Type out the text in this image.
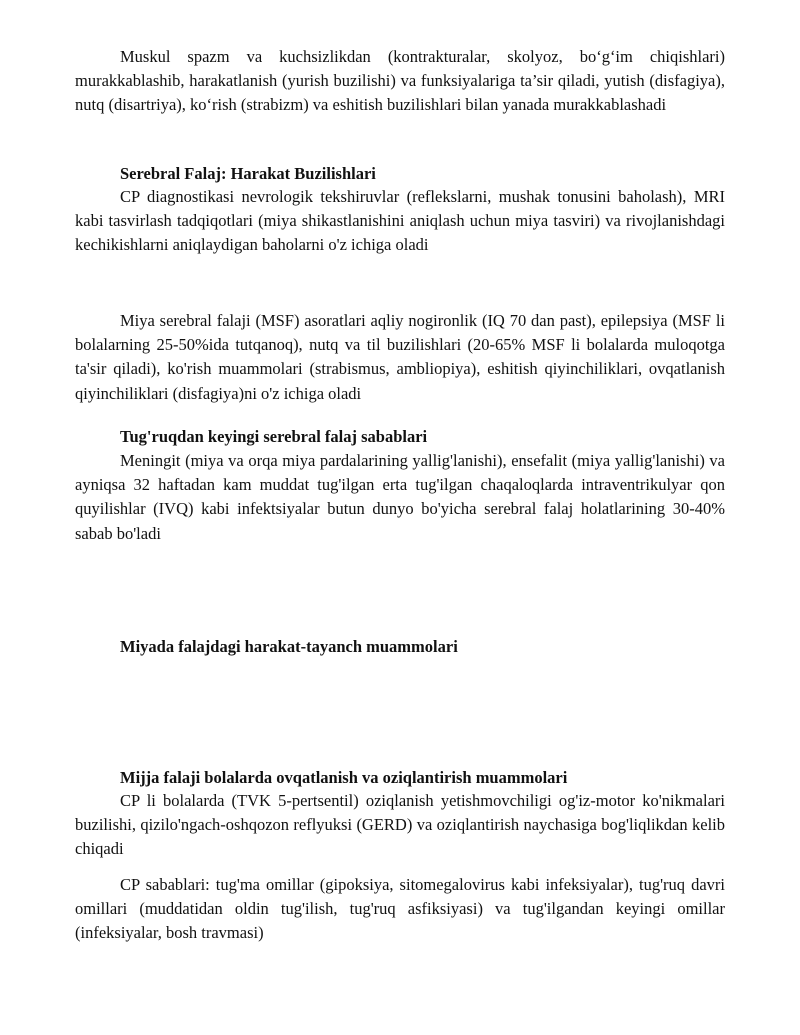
Muskul spazm va kuchsizlikdan (kontrakturalar, skolyoz, bo‘g‘im chiqishlari) murakkablashib, harakatlanish (yurish buzilishi) va funksiyalariga ta’sir qiladi, yutish (disfagiya), nutq (disartriya), ko‘rish (strabizm) va eshitish buzilishlari bilan yanada murakkablashadi

Serebral Falaj: Harakat Buzilishlari

CP diagnostikasi nevrologik tekshiruvlar (reflekslarni, mushak tonusini baholash), MRI kabi tasvirlash tadqiqotlari (miya shikastlanishini aniqlash uchun miya tasviri) va rivojlanishdagi kechikishlarni aniqlaydigan baholarni o'z ichiga oladi

Miya serebral falaji (MSF) asoratlari aqliy nogironlik (IQ 70 dan past), epilepsiya (MSF li bolalarning 25-50%ida tutqanoq), nutq va til buzilishlari (20-65% MSF li bolalarda muloqotga ta'sir qiladi), ko'rish muammolari (strabismus, ambliopiya), eshitish qiyinchiliklari, ovqatlanish qiyinchiliklari (disfagiya)ni o'z ichiga oladi

Tug'ruqdan keyingi serebral falaj sabablari

Meningit (miya va orqa miya pardalarining yallig'lanishi), ensefalit (miya yallig'lanishi) va ayniqsa 32 haftadan kam muddat tug'ilgan erta tug'ilgan chaqaloqlarda intraventrikulyar qon quyilishlar (IVQ) kabi infektsiyalar butun dunyo bo'yicha serebral falaj holatlarining 30-40% sabab bo'ladi

Miyada falajdagi harakat-tayanch muammolari

Mijja falaji bolalarda ovqatlanish va oziqlantirish muammolari

CP li bolalarda (TVK 5-pertsentil) oziqlanish yetishmovchiligi og'iz-motor ko'nikmalari buzilishi, qizilo'ngach-oshqozon reflyuksi (GERD) va oziqlantirish naychasiga bog'liqlikdan kelib chiqadi

CP sabablari: tug'ma omillar (gipoksiya, sitomegalovirus kabi infeksiyalar), tug'ruq davri omillari (muddatidan oldin tug'ilish, tug'ruq asfiksiyasi) va tug'ilgandan keyingi omillar (infeksiyalar, bosh travmasi)
